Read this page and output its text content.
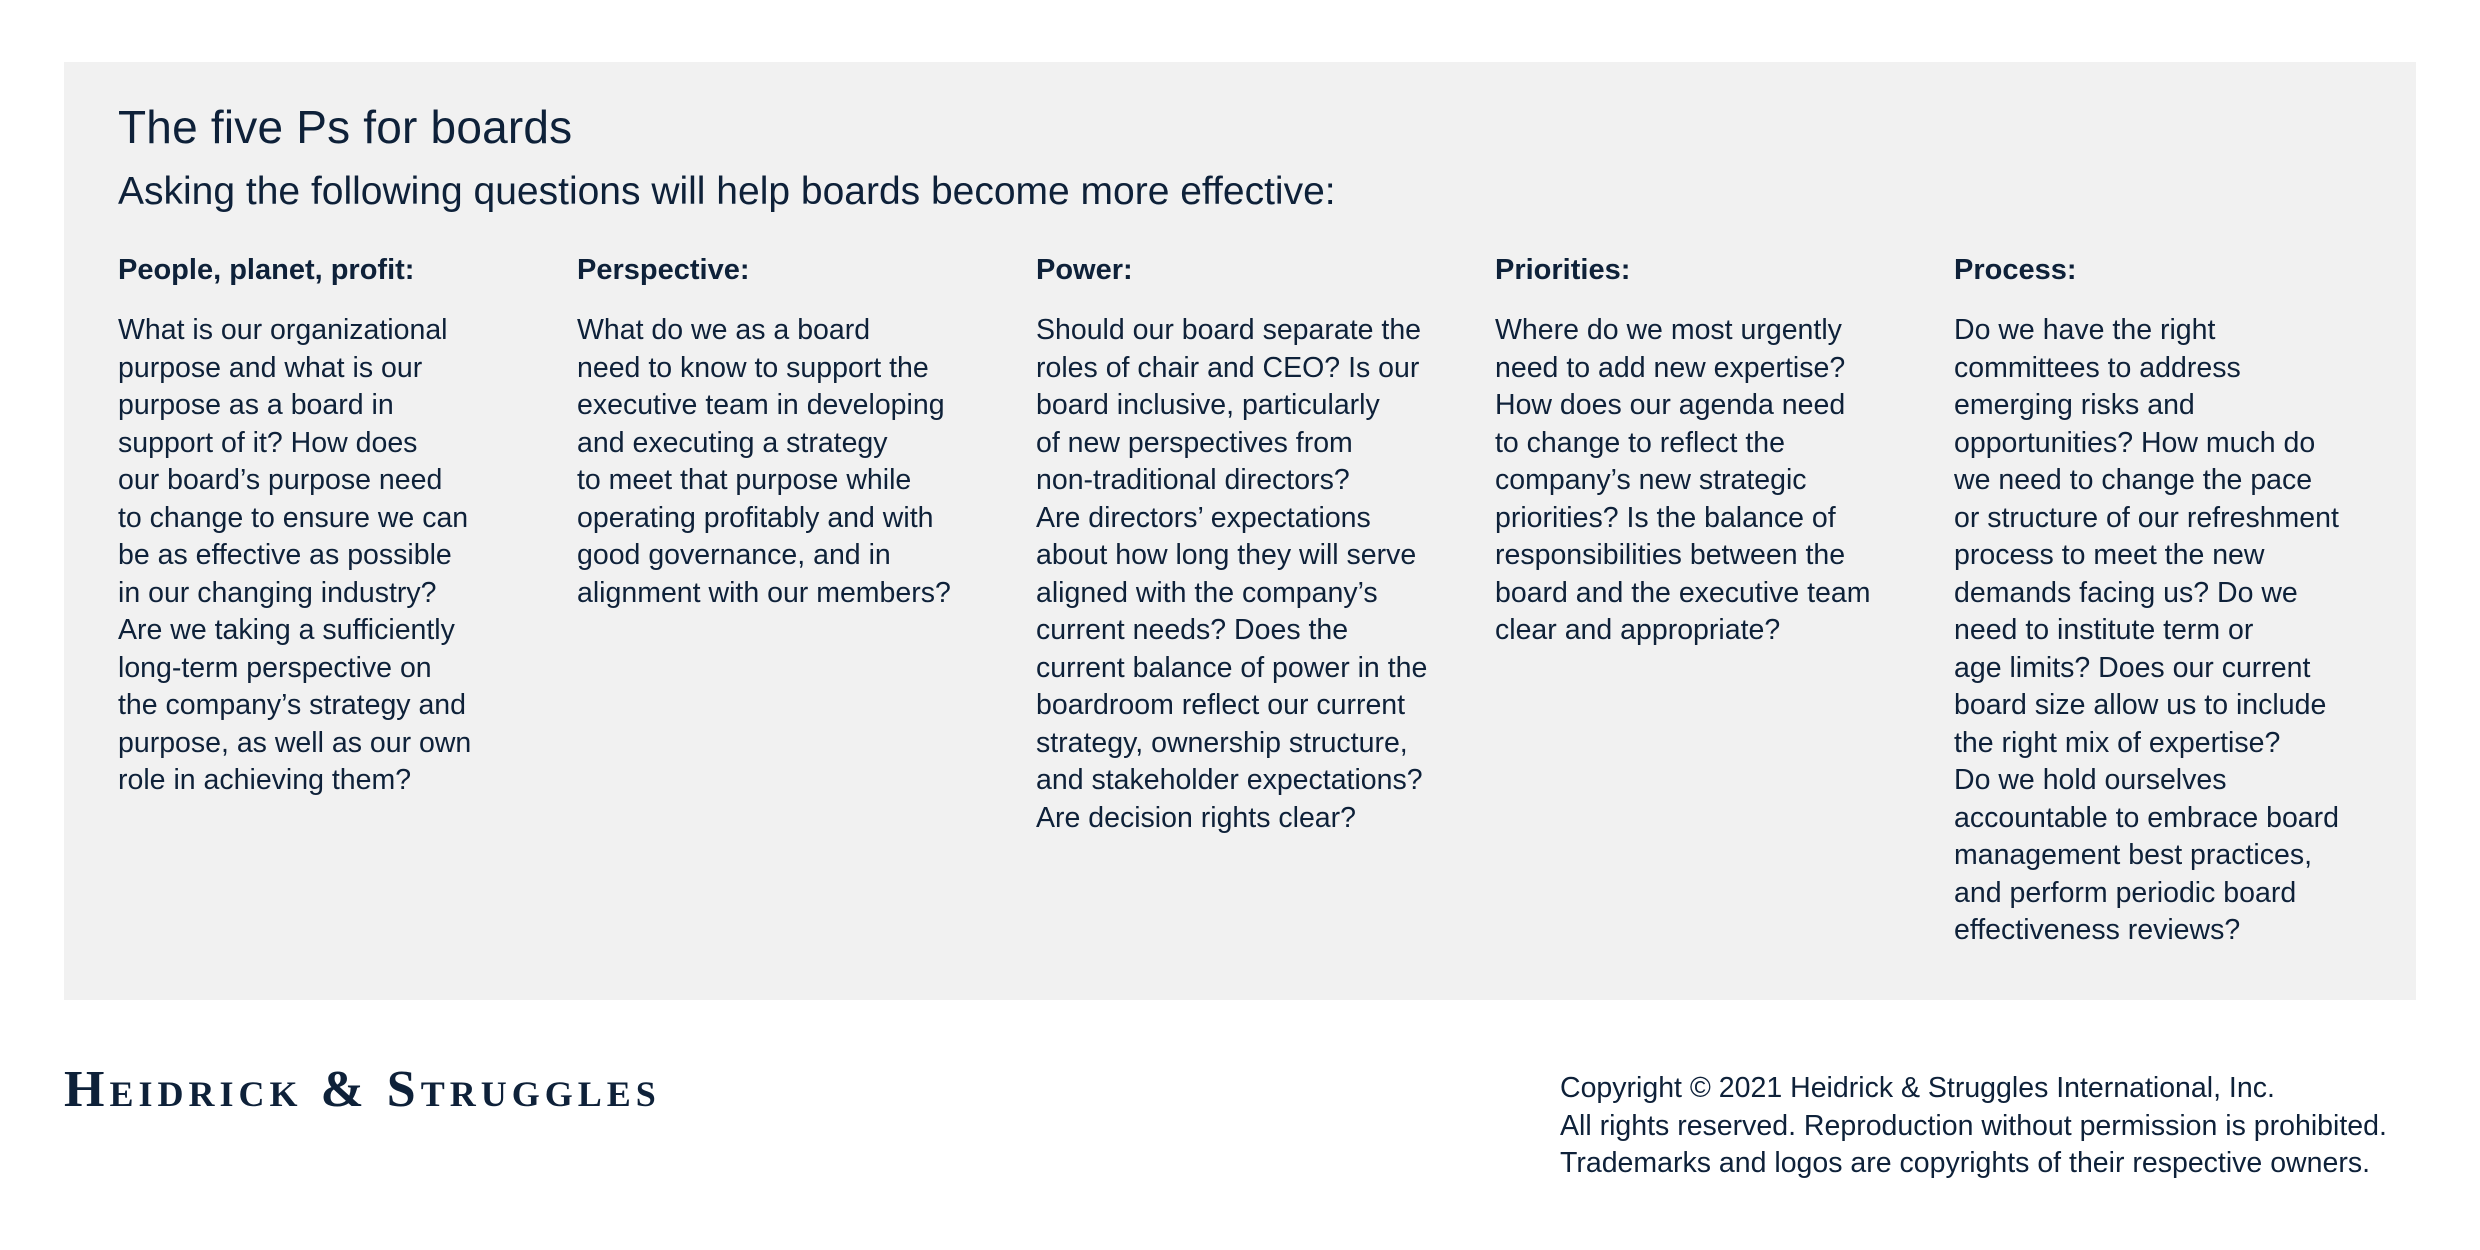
The five Ps for boards
Asking the following questions will help boards become more effective:
People, planet, profit:

What is our organizational
purpose and what is our
purpose as a board in
support of it? How does
our board’s purpose need
to change to ensure we can
be as effective as possible
in our changing industry?
Are we taking a sufficiently
long-term perspective on
the company’s strategy and
purpose, as well as our own
role in achieving them?

Perspective:

What do we as a board
need to know to support the
executive team in developing
and executing a strategy
to meet that purpose while
operating profitably and with
good governance, and in
alignment with our members?

Power:

Should our board separate the
roles of chair and CEO? Is our
board inclusive, particularly
of new perspectives from
non-traditional directors?
Are directors’ expectations
about how long they will serve
aligned with the company’s
current needs? Does the
current balance of power in the
boardroom reflect our current
strategy, ownership structure,
and stakeholder expectations?
Are decision rights clear?

Priorities:

Where do we most urgently
need to add new expertise?
How does our agenda need
to change to reflect the
company’s new strategic
priorities? Is the balance of
responsibilities between the
board and the executive team
clear and appropriate?

Process:

Do we have the right
committees to address
emerging risks and
opportunities? How much do
we need to change the pace
or structure of our refreshment
process to meet the new
demands facing us? Do we
need to institute term or
age limits? Does our current
board size allow us to include
the right mix of expertise?
Do we hold ourselves
accountable to embrace board
management best practices,
and perform periodic board
effectiveness reviews?

Heidrick & Struggles	Copyright © 2021 Heidrick & Struggles International, Inc.
All rights reserved. Reproduction without permission is prohibited.
Trademarks and logos are copyrights of their respective owners.
